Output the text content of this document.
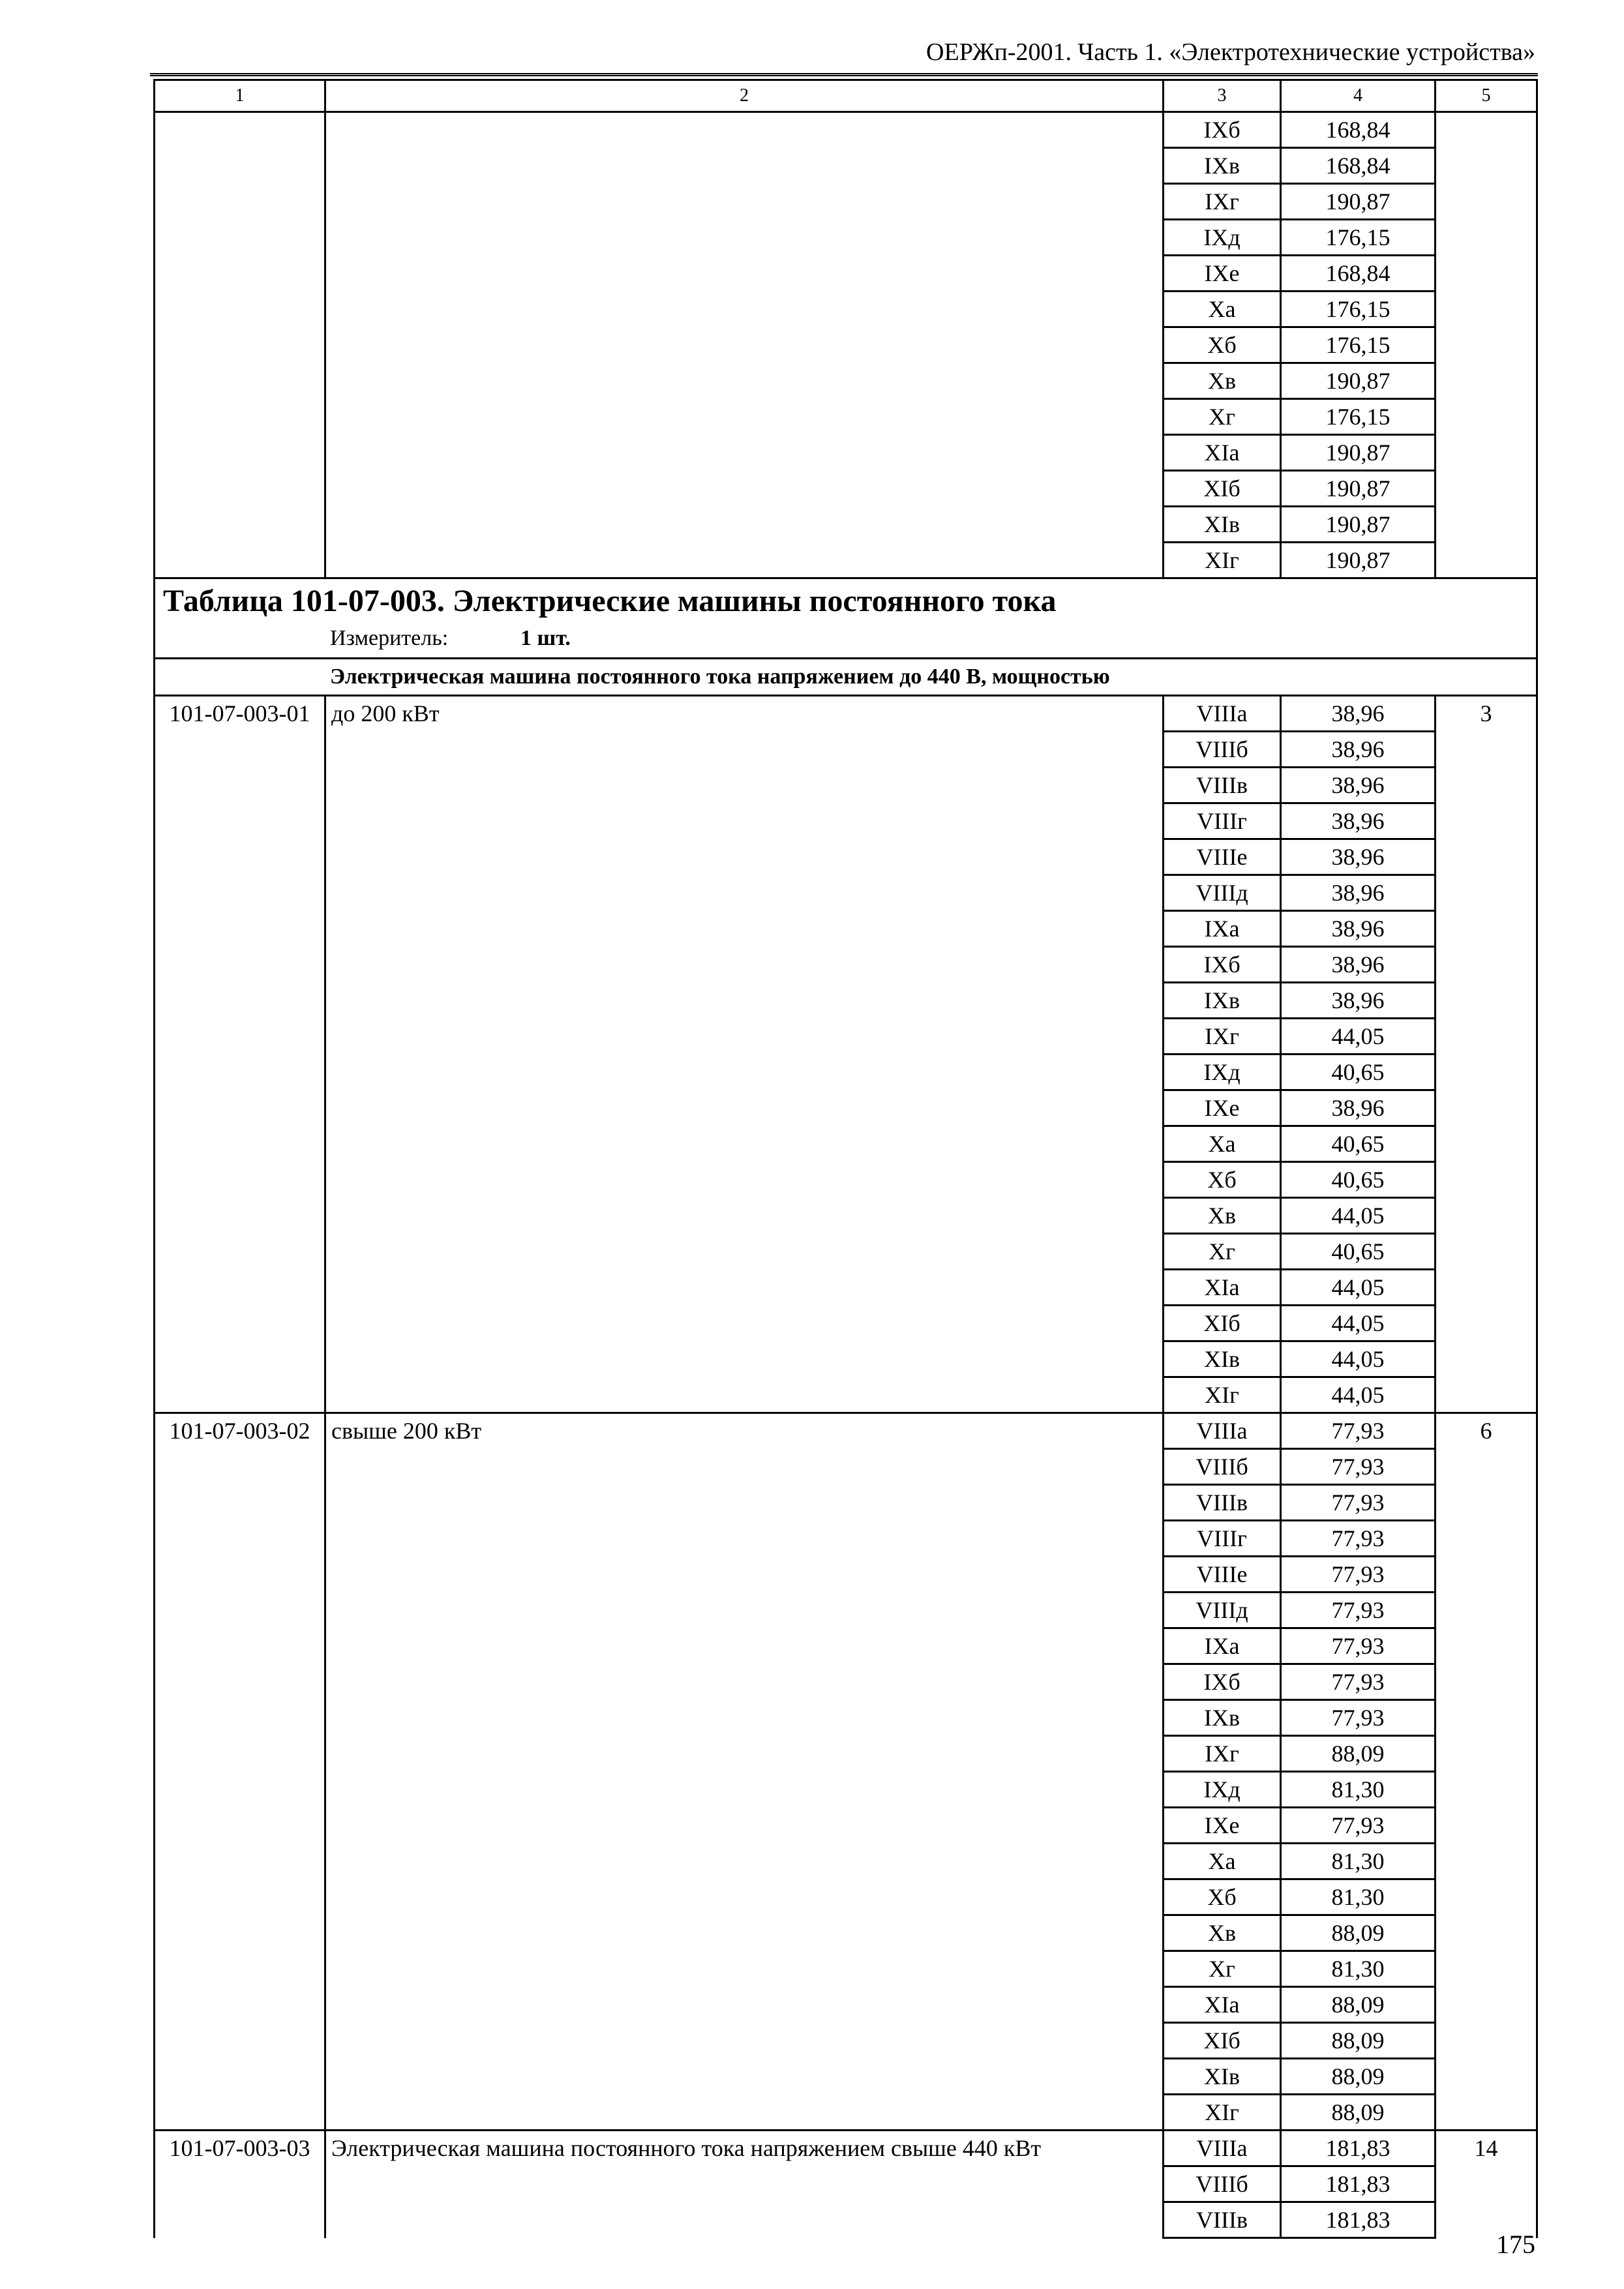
ОЕРЖп-2001. Часть 1. «Электротехнические устройства»
1	2	3	4	5
		IXб	168,84	
		IXв	168,84	
		IXг	190,87	
		IXд	176,15	
		IXе	168,84	
		Xа	176,15	
		Xб	176,15	
		Xв	190,87	
		Xг	176,15	
		XIа	190,87	
		XIб	190,87	
		XIв	190,87	
		XIг	190,87	

Таблица 101-07-003. Электрические машины постоянного тока
Измеритель: 1 шт.				

Электрическая машина постоянного тока напряжением до 440 В, мощностью				
101-07-003-01	до 200 кВт	VIIIа	38,96	3
		VIIIб	38,96	
		VIIIв	38,96	
		VIIIг	38,96	
		VIIIе	38,96	
		VIIIд	38,96	
		IXа	38,96	
		IXб	38,96	
		IXв	38,96	
		IXг	44,05	
		IXд	40,65	
		IXе	38,96	
		Xа	40,65	
		Xб	40,65	
		Xв	44,05	
		Xг	40,65	
		XIа	44,05	
		XIб	44,05	
		XIв	44,05	
		XIг	44,05	
101-07-003-02	свыше 200 кВт	VIIIа	77,93	6
		VIIIб	77,93	
		VIIIв	77,93	
		VIIIг	77,93	
		VIIIе	77,93	
		VIIIд	77,93	
		IXа	77,93	
		IXб	77,93	
		IXв	77,93	
		IXг	88,09	
		IXд	81,30	
		IXе	77,93	
		Xа	81,30	
		Xб	81,30	
		Xв	88,09	
		Xг	81,30	
		XIа	88,09	
		XIб	88,09	
		XIв	88,09	
		XIг	88,09	
101-07-003-03	Электрическая машина постоянного тока напряжением свыше 440 кВт	VIIIа	181,83	14
		VIIIб	181,83	
		VIIIв	181,83	
175
